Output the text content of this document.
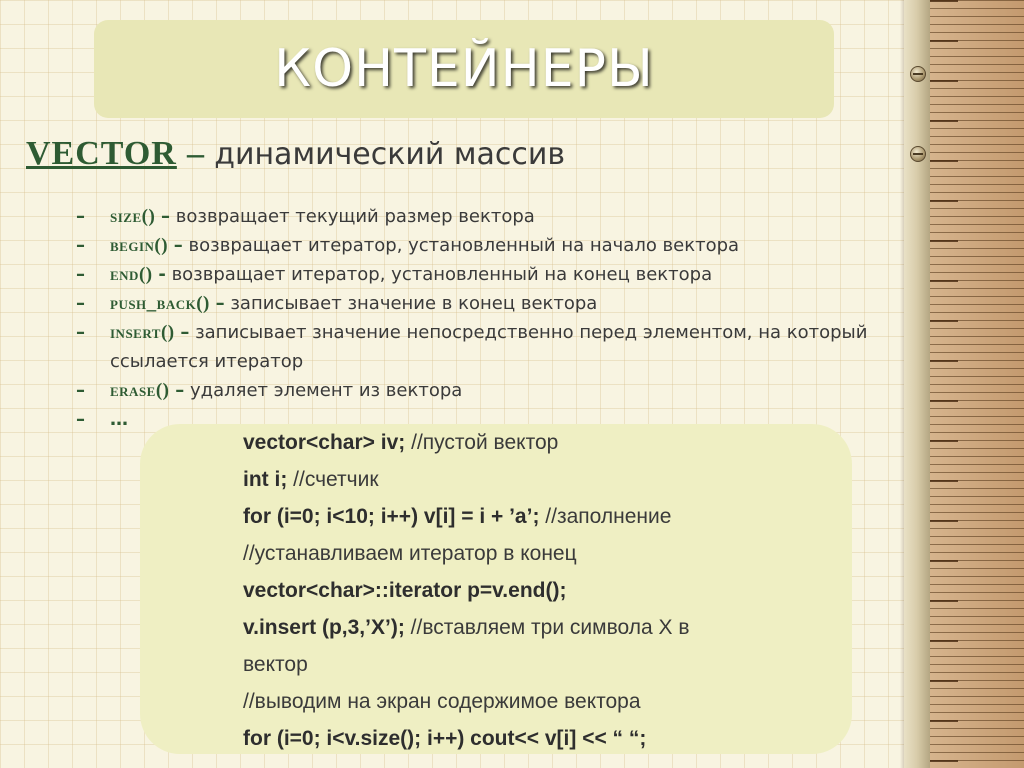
КОНТЕЙНЕРЫ
VECTOR – динамический массив
– size() – возвращает текущий размер вектора
– begin() – возвращает итератор, установленный на начало вектора
– end() - возвращает итератор, установленный на конец вектора
– push_back() – записывает значение в конец вектора
– insert() – записывает значение непосредственно перед элементом, на который ссылается итератор
– erase() – удаляет элемент из вектора
– …
vector<char> iv; //пустой вектор
int i; //счетчик
for (i=0; i<10; i++) v[i] = i + ’a’; //заполнение
//устанавливаем итератор в конец
vector<char>::iterator p=v.end();
v.insert (p,3,’X’); //вставляем три символа X в
вектор
//выводим на экран содержимое вектора
for (i=0; i<v.size(); i++) cout<< v[i] << “ “;
